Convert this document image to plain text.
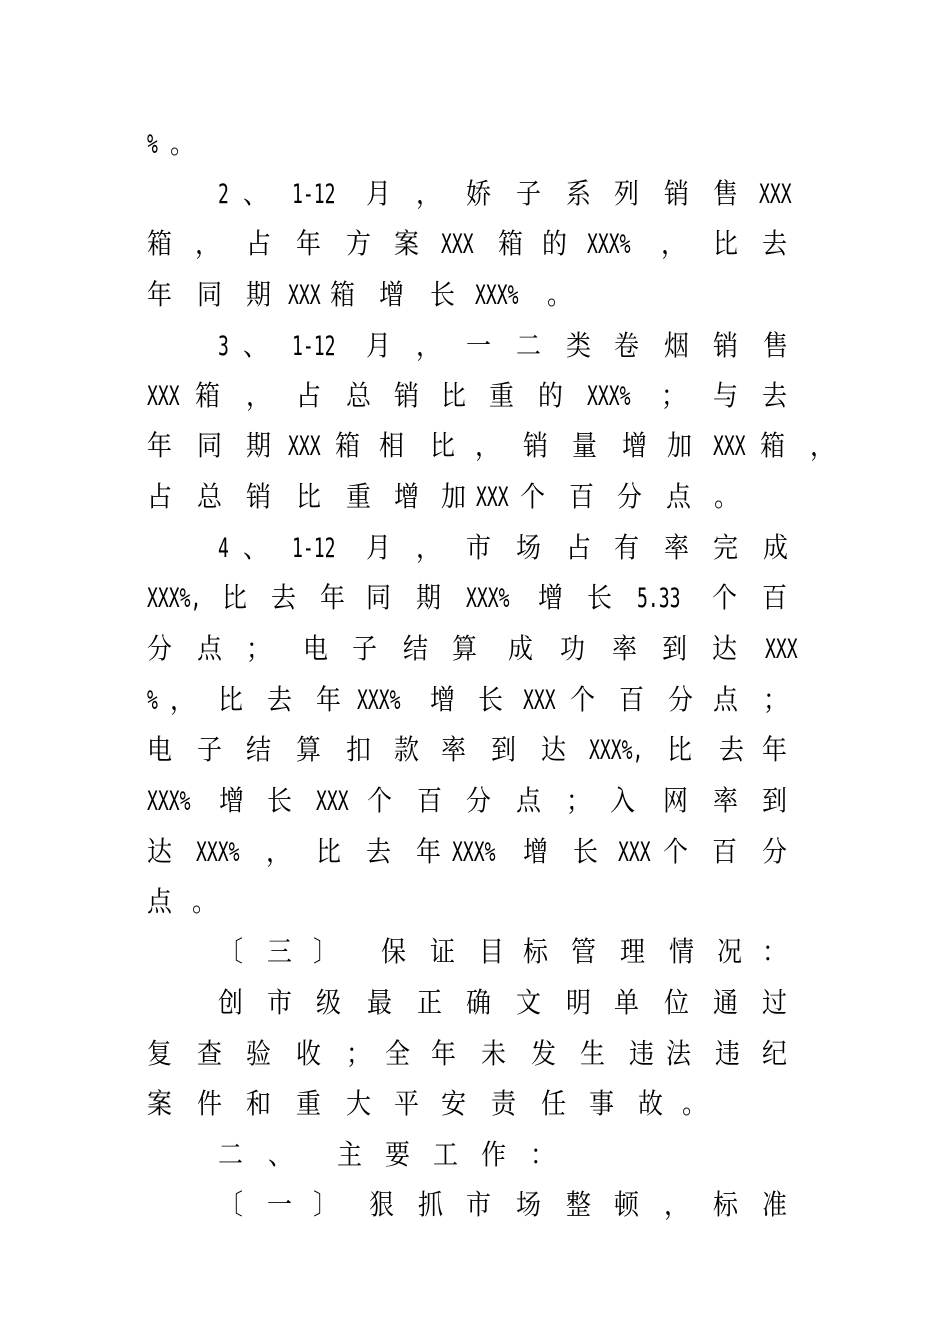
% 。

2 、 1-12 月 ， 娇 子 系 列 销 售 XXX

箱 ， 占 年 方 案 XXX 箱 的 XXX% ， 比 去

年 同 期 XXX 箱 增 长 XXX% 。

3 、 1-12 月 ， 一 二 类 卷 烟 销 售

XXX 箱 ， 占 总 销 比 重 的 XXX% ； 与 去

年 同 期 XXX 箱 相 比 ， 销 量 增 加 XXX 箱 ，

占 总 销 比 重 增 加 XXX 个 百 分 点 。

4 、 1-12 月 ， 市 场 占 有 率 完 成

XXX%, 比 去 年 同 期 XXX% 增 长 5.33 个 百

分 点 ； 电 子 结 算 成 功 率 到 达 XXX

% ， 比 去 年 XXX% 增 长 XXX 个 百 分 点 ；

电 子 结 算 扣 款 率 到 达 XXX%, 比 去 年

XXX% 增 长 XXX 个 百 分 点 ； 入 网 率 到

达 XXX% ， 比 去 年 XXX% 增 长 XXX 个 百 分

点 。

〔 三 〕 保 证 目 标 管 理 情 况 ：

创 市 级 最 正 确 文 明 单 位 通 过

复 查 验 收 ； 全 年 未 发 生 违 法 违 纪

案 件 和 重 大 平 安 责 任 事 故 。

二 、 主 要 工 作 ：

〔 一 〕 狠 抓 市 场 整 顿 ， 标 准
